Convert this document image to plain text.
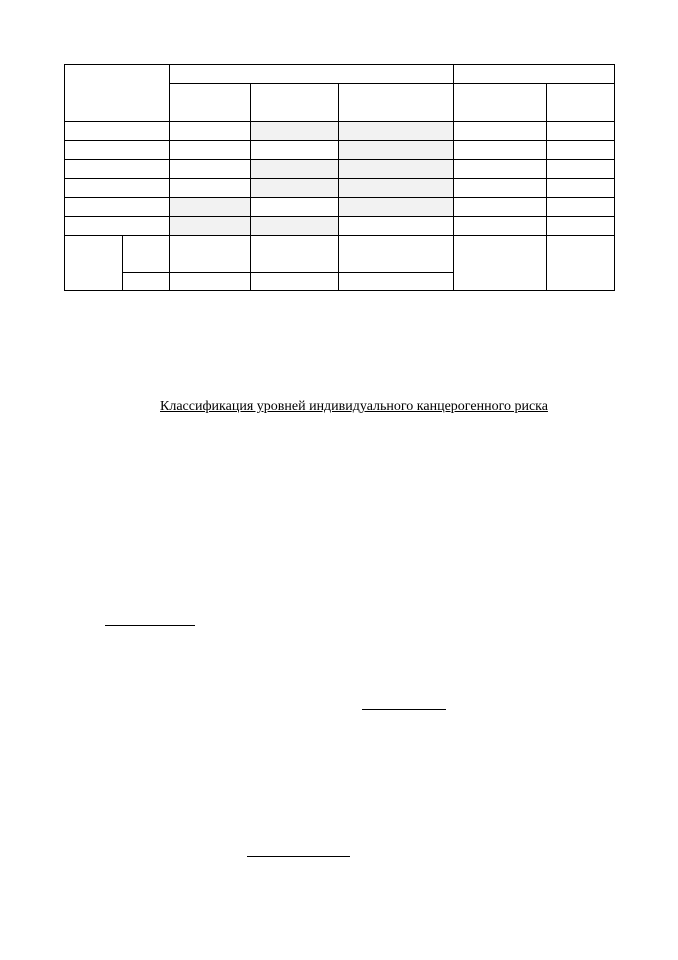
Классификация уровней индивидуального канцерогенного риска
